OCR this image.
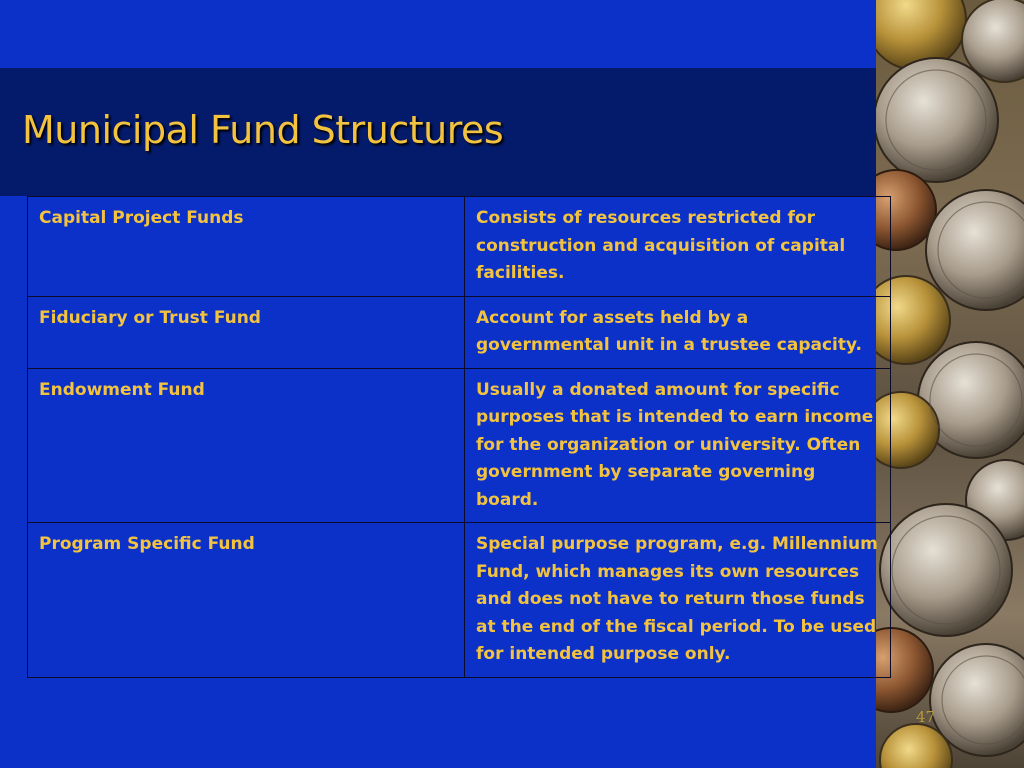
Municipal Fund Structures
Capital Project Funds	Consists of resources restricted for construction and acquisition of capital facilities.
Fiduciary or Trust Fund	Account for assets held by a governmental unit in a trustee capacity.
Endowment Fund	Usually a donated amount for specific purposes that is intended to earn income for the organization or university. Often government by separate governing board.
Program Specific Fund	Special purpose program, e.g. Millennium Fund, which manages its own resources and does not have to return those funds at the end of the fiscal period. To be used for intended purpose only.
47
